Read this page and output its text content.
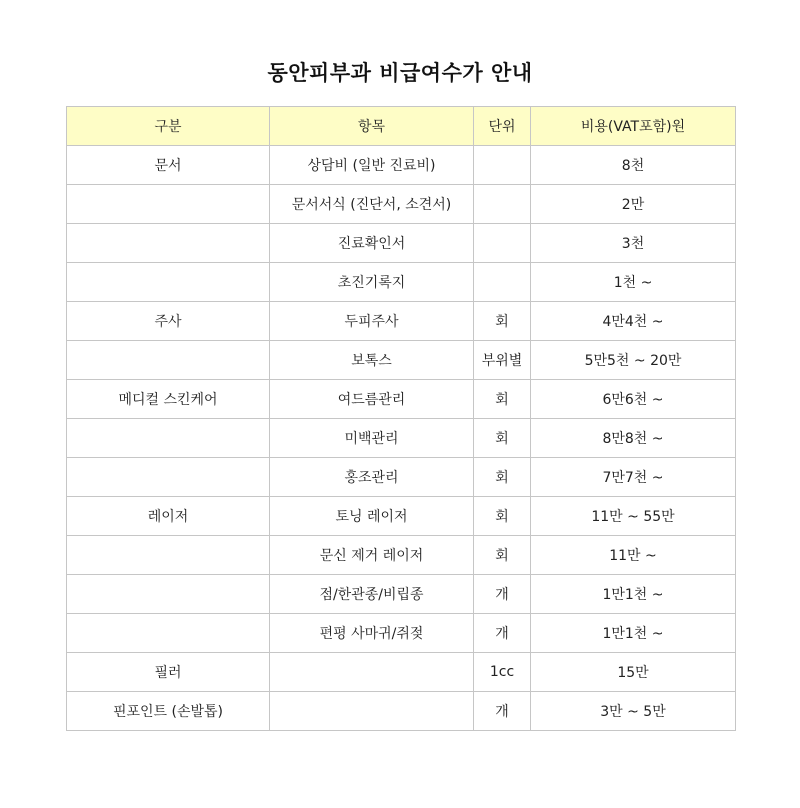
동안피부과 비급여수가 안내
구분	항목	단위	비용(VAT포함)원
문서	상담비 (일반 진료비)		8천
	문서서식 (진단서, 소견서)		2만
	진료확인서		3천
	초진기록지		1천 ~
주사	두피주사	회	4만4천 ~
	보톡스	부위별	5만5천 ~ 20만
메디컬 스킨케어	여드름관리	회	6만6천 ~
	미백관리	회	8만8천 ~
	홍조관리	회	7만7천 ~
레이저	토닝 레이저	회	11만 ~ 55만
	문신 제거 레이저	회	11만 ~
	점/한관종/비립종	개	1만1천 ~
	편평 사마귀/쥐젖	개	1만1천 ~
필러		1cc	15만
핀포인트 (손발톱)		개	3만 ~ 5만
